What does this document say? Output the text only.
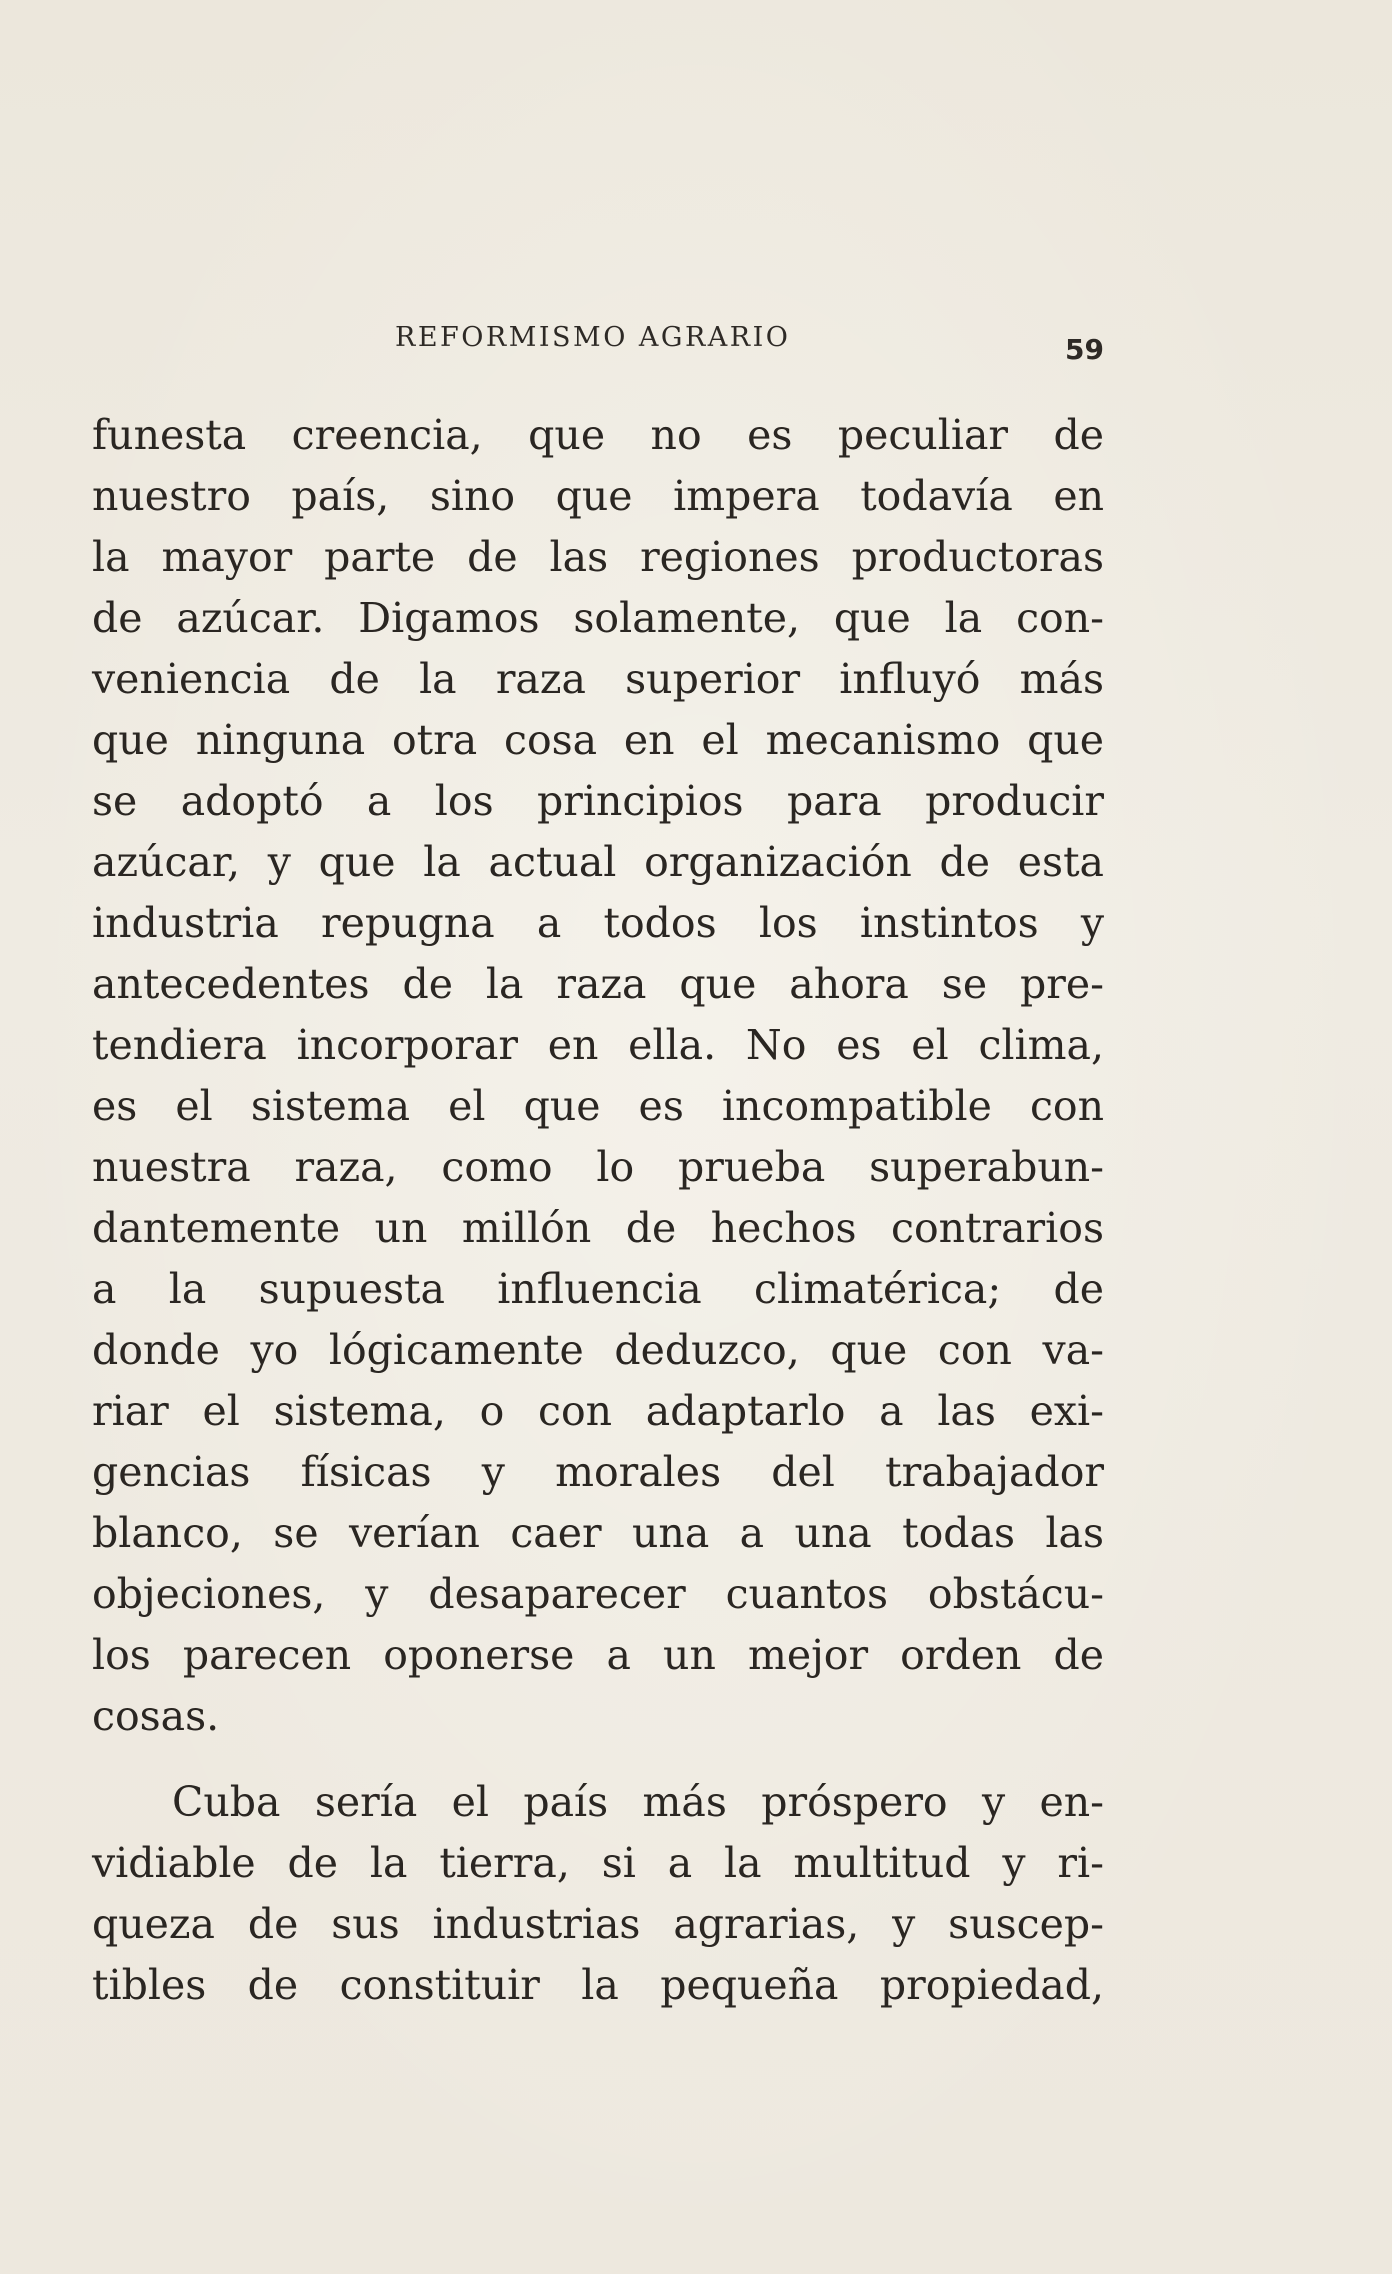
REFORMISMO AGRARIO	59
funesta creencia, que no es peculiar de
nuestro país, sino que impera todavía en
la mayor parte de las regiones productoras
de azúcar. Digamos solamente, que la con-
veniencia de la raza superior influyó más
que ninguna otra cosa en el mecanismo que
se adoptó a los principios para producir
azúcar, y que la actual organización de esta
industria repugna a todos los instintos y
antecedentes de la raza que ahora se pre-
tendiera incorporar en ella. No es el clima,
es el sistema el que es incompatible con
nuestra raza, como lo prueba superabun-
dantemente un millón de hechos contrarios
a la supuesta influencia climatérica; de
donde yo lógicamente deduzco, que con va-
riar el sistema, o con adaptarlo a las exi-
gencias físicas y morales del trabajador
blanco, se verían caer una a una todas las
objeciones, y desaparecer cuantos obstácu-
los parecen oponerse a un mejor orden de
cosas.
Cuba sería el país más próspero y en-
vidiable de la tierra, si a la multitud y ri-
queza de sus industrias agrarias, y suscep-
tibles de constituir la pequeña propiedad,
